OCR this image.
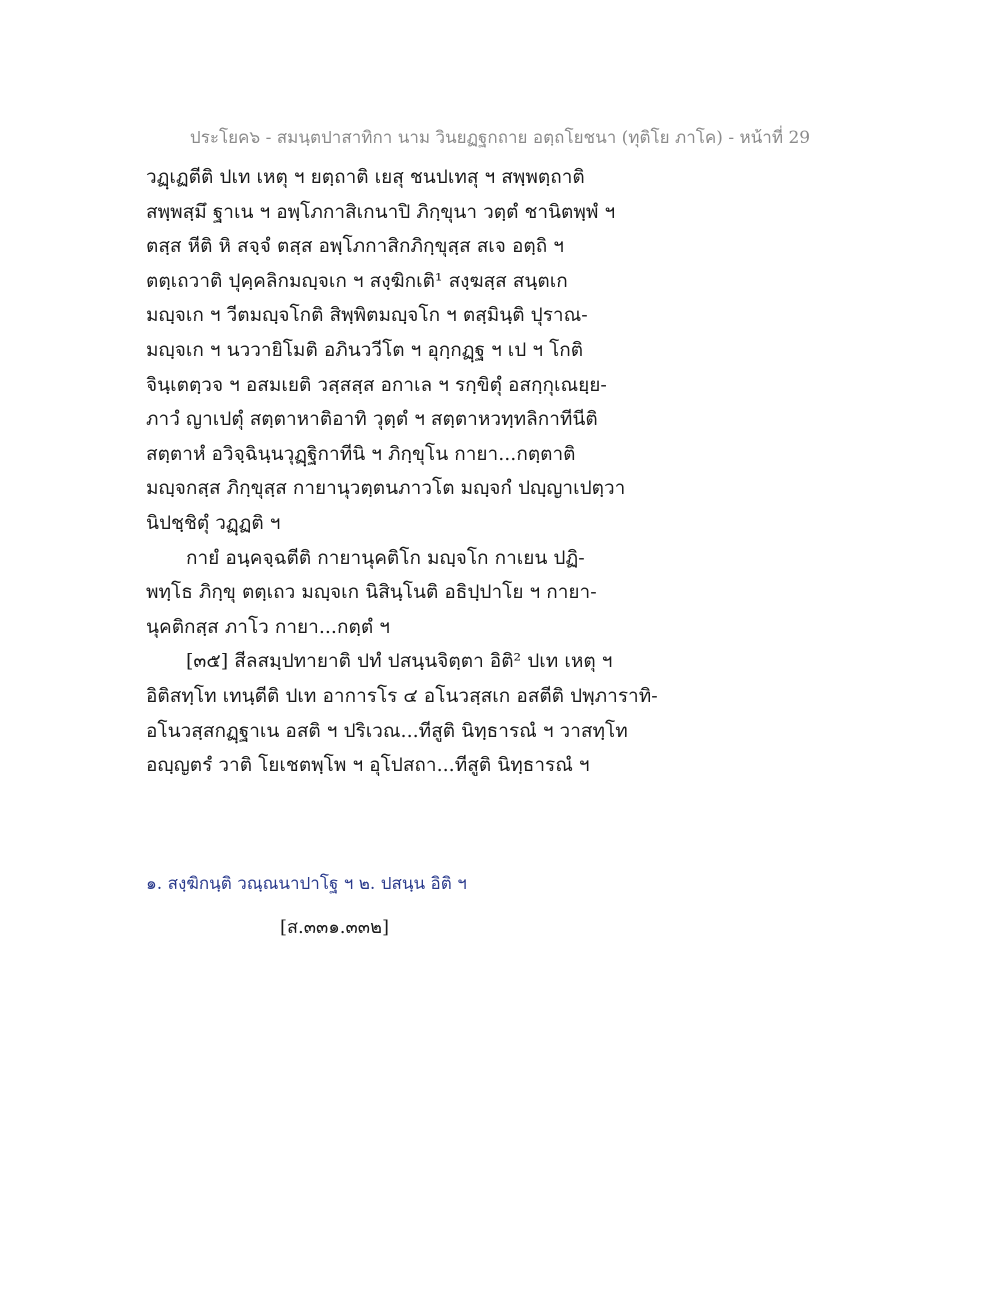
ประโยค๖ - สมนฺตปาสาทิกา นาม วินยฏฐกถาย อตฺถโยชนา (ทุติโย ภาโค) - หน้าที่ 29
วฏฺเฏตีติ ปเท เหตุ ฯ ยตฺถาติ เยสุ ชนปเทสุ ฯ สพฺพตฺถาติ
สพฺพสฺมึ ฐาเน ฯ อพฺโภกาสิเกนาปิ ภิกฺขุนา วตฺตํ ชานิตพฺพํ ฯ
ตสฺส หีติ หิ สจฺจํ ตสฺส อพฺโภกาสิกภิกฺขุสฺส สเจ อตฺถิ ฯ
ตตฺเถวาติ ปุคฺคลิกมญฺจเก ฯ สงฺฆิกเติ¹ สงฺฆสฺส สนฺตเก
มญฺจเก ฯ วีตมญฺจโกติ สิพฺพิตมญฺจโก ฯ ตสฺมินฺติ ปุราณ-
มญฺจเก ฯ นววายิโมติ อภินววีโต ฯ อุกฺกฏฺฐ ฯ เป ฯ โกติ
จินฺเตตฺวจ ฯ อสมเยติ วสฺสสฺส อกาเล ฯ รกฺขิตุํ อสกฺกุเณยฺย-
ภาวํ ญาเปตุํ สตฺตาหาติอาทิ วุตฺตํ ฯ สตฺตาหวทฺทลิกาทีนีติ
สตฺตาหํ อวิจฺฉินฺนวุฏฺฐิกาทีนิ ฯ ภิกฺขุโน กายา...กตฺตาติ
มญฺจกสฺส ภิกฺขุสฺส กายานุวตฺตนภาวโต มญฺจกํ ปญฺญาเปตฺวา
นิปชฺชิตุํ วฏฺฏติ ฯ
กายํ อนฺคจฺฉตีติ กายานุคติโก มญฺจโก กาเยน ปฏิ-
พทฺโธ ภิกฺขุ ตตฺเถว มญฺจเก นิสินฺโนติ อธิปฺปาโย ฯ กายา-
นุคติกสฺส ภาโว กายา...กตฺตํ ฯ
[๓๕] สีลสมฺปทายาติ ปทํ ปสนฺนจิตฺตา อิติ² ปเท เหตุ ฯ
อิติสทฺโท เทนฺตีติ ปเท อาการโร ๔ อโนวสฺสเก อสตีติ ปพฺภาราทิ-
อโนวสฺสกฏฺฐาเน อสติ ฯ ปริเวณ...ทีสูติ นิทฺธารณํ ฯ วาสทฺโท
อญฺญตรํ วาติ โยเชตพฺโพ ฯ อุโปสถา...ทีสูติ นิทฺธารณํ ฯ
๑. สงฺฆิกนฺติ วณฺณนาปาโฐ ฯ ๒. ปสนฺน อิติ ฯ
[ส.๓๓๑.๓๓๒]
